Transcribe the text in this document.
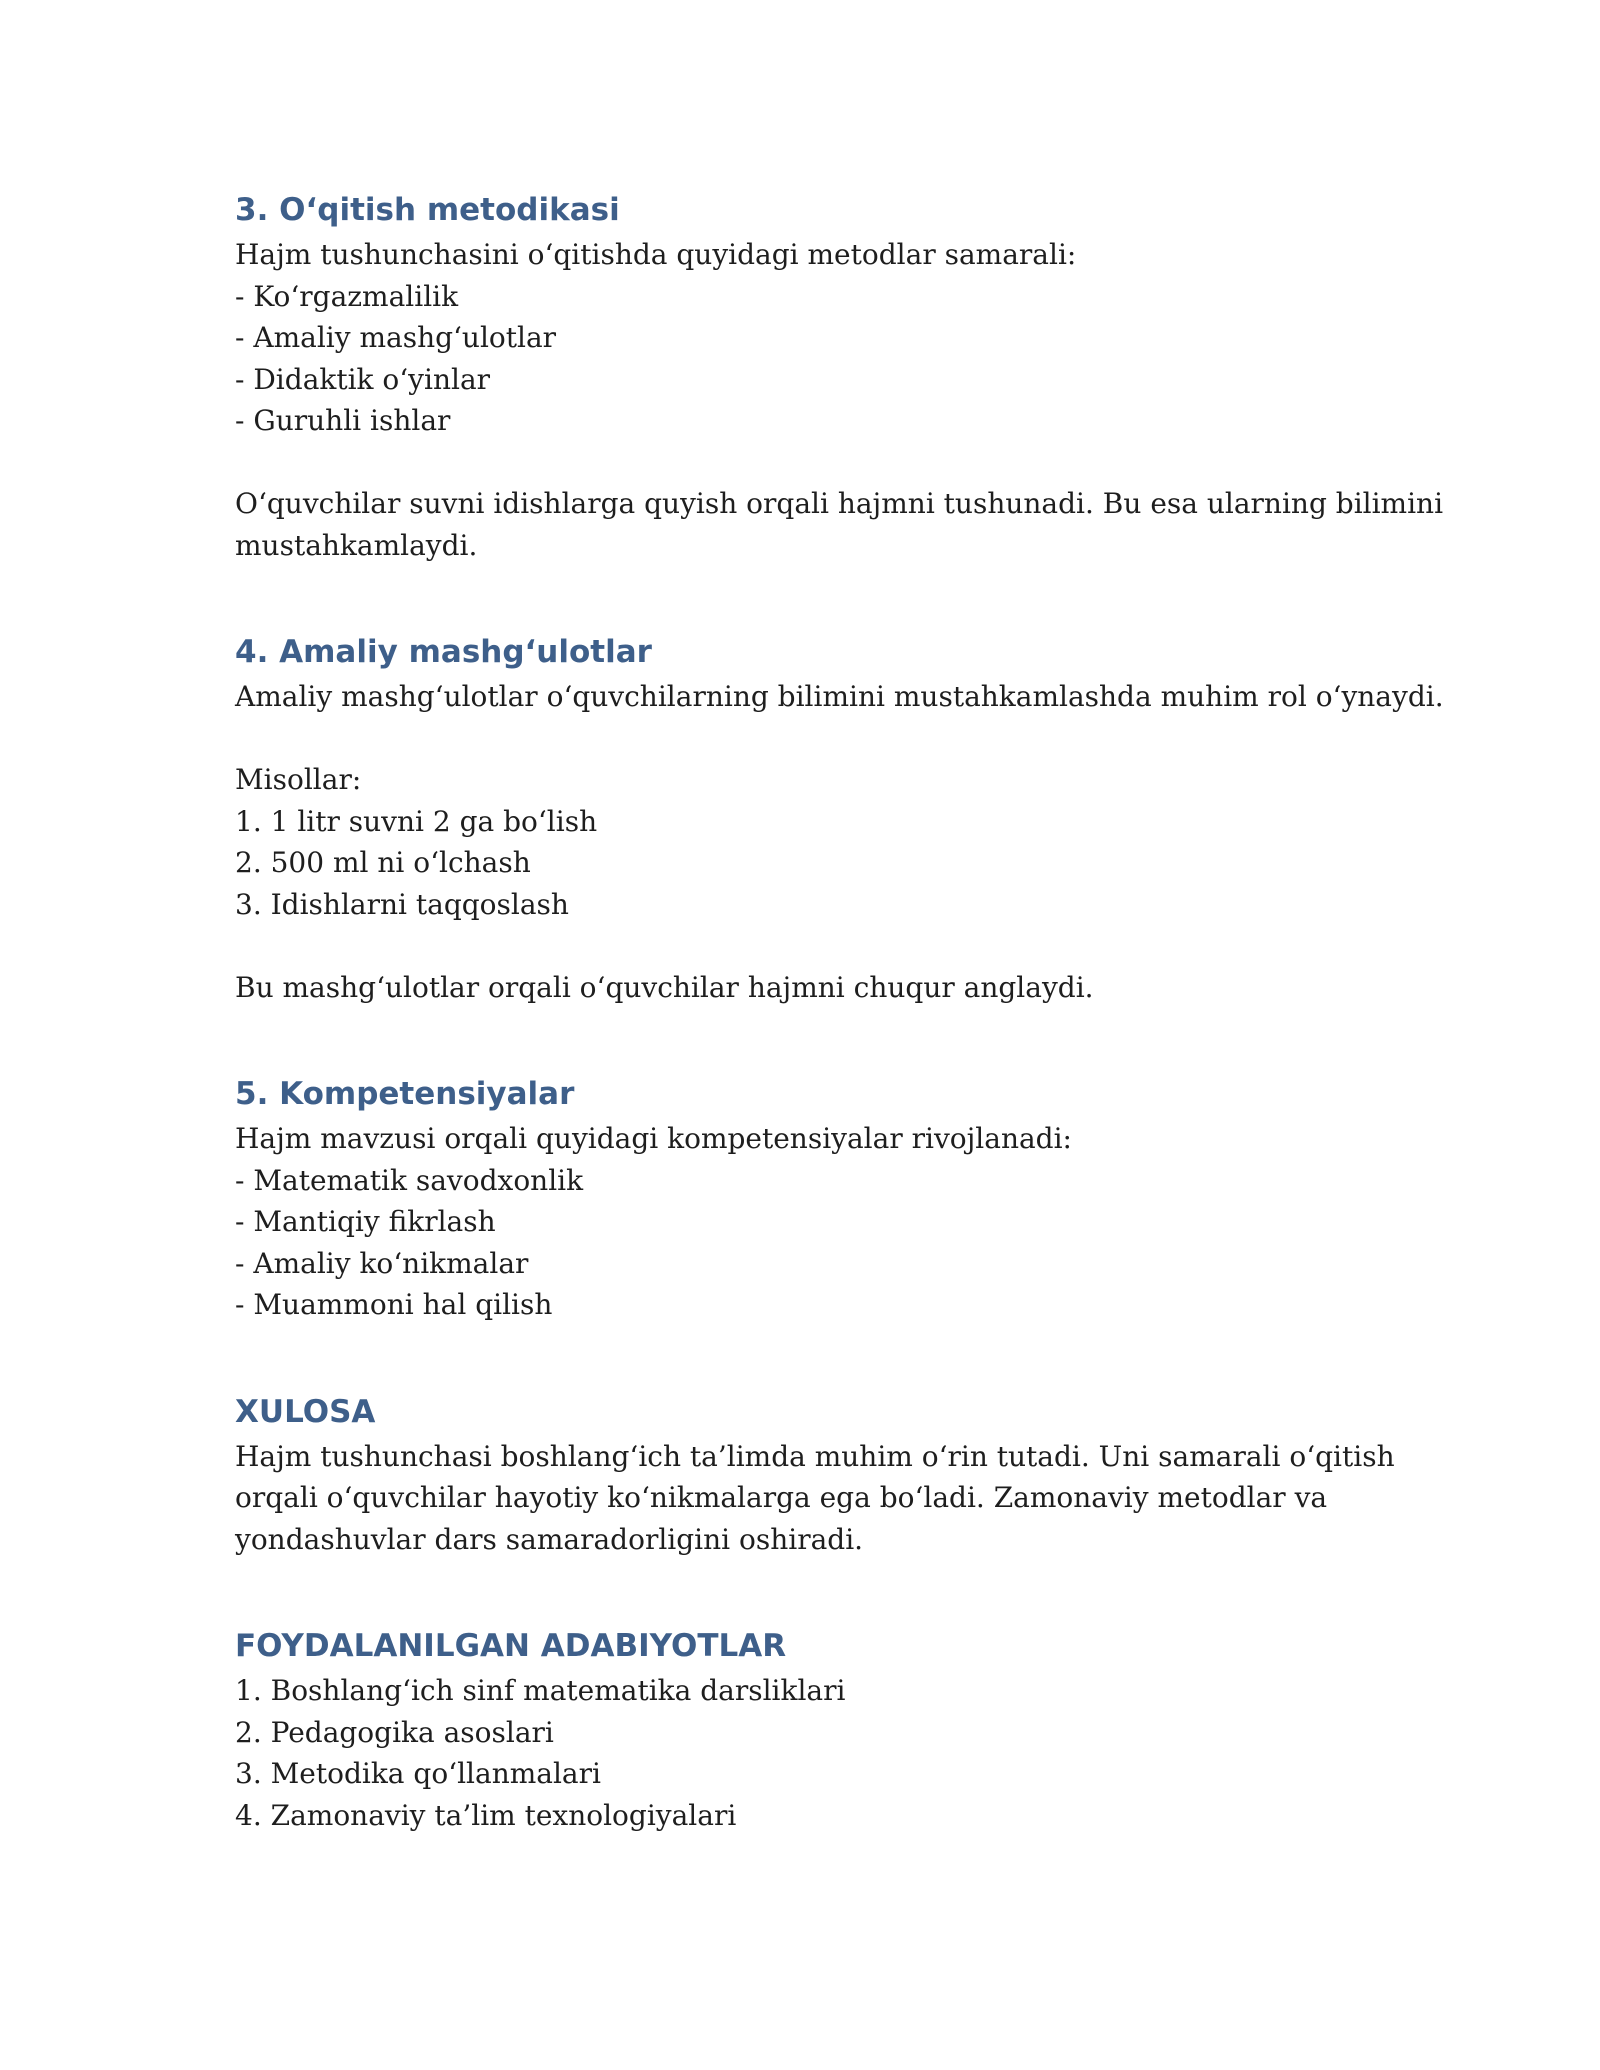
3. O‘qitish metodikasi
Hajm tushunchasini o‘qitishda quyidagi metodlar samarali:
- Ko‘rgazmalilik
- Amaliy mashg‘ulotlar
- Didaktik o‘yinlar
- Guruhli ishlar
O‘quvchilar suvni idishlarga quyish orqali hajmni tushunadi. Bu esa ularning bilimini
mustahkamlaydi.
4. Amaliy mashg‘ulotlar
Amaliy mashg‘ulotlar o‘quvchilarning bilimini mustahkamlashda muhim rol o‘ynaydi.
Misollar:
1. 1 litr suvni 2 ga bo‘lish
2. 500 ml ni o‘lchash
3. Idishlarni taqqoslash
Bu mashg‘ulotlar orqali o‘quvchilar hajmni chuqur anglaydi.
5. Kompetensiyalar
Hajm mavzusi orqali quyidagi kompetensiyalar rivojlanadi:
- Matematik savodxonlik
- Mantiqiy fikrlash
- Amaliy ko‘nikmalar
- Muammoni hal qilish
XULOSA
Hajm tushunchasi boshlang‘ich ta’limda muhim o‘rin tutadi. Uni samarali o‘qitish
orqali o‘quvchilar hayotiy ko‘nikmalarga ega bo‘ladi. Zamonaviy metodlar va
yondashuvlar dars samaradorligini oshiradi.
FOYDALANILGAN ADABIYOTLAR
1. Boshlang‘ich sinf matematika darsliklari
2. Pedagogika asoslari
3. Metodika qo‘llanmalari
4. Zamonaviy ta’lim texnologiyalari
